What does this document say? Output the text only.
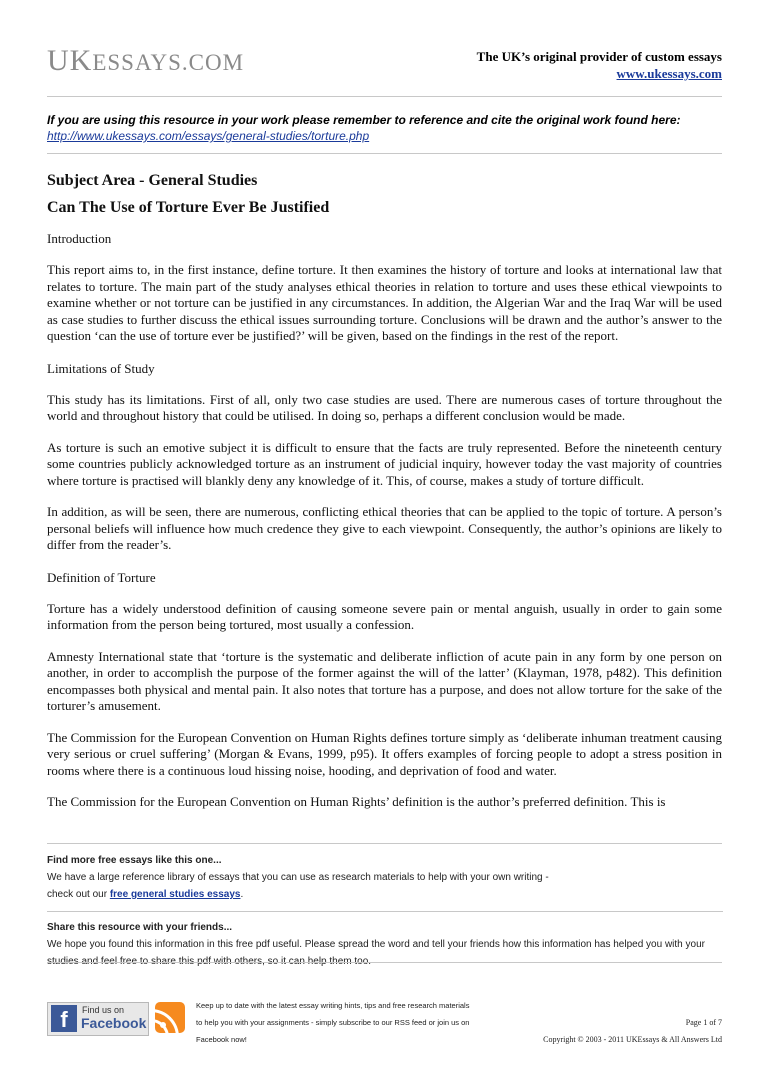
UKESSAYS.COM	The UK’s original provider of custom essays
www.ukessays.com
If you are using this resource in your work please remember to reference and cite the original work found here:
http://www.ukessays.com/essays/general-studies/torture.php
Subject Area - General Studies
Can The Use of Torture Ever Be Justified
Introduction
This report aims to, in the first instance, define torture. It then examines the history of torture and looks at international law that relates to torture. The main part of the study analyses ethical theories in relation to torture and uses these ethical viewpoints to examine whether or not torture can be justified in any circumstances. In addition, the Algerian War and the Iraq War will be used as case studies to further discuss the ethical issues surrounding torture. Conclusions will be drawn and the author’s answer to the question ‘can the use of torture ever be justified?’ will be given, based on the findings in the rest of the report.
Limitations of Study
This study has its limitations. First of all, only two case studies are used. There are numerous cases of torture throughout the world and throughout history that could be utilised. In doing so, perhaps a different conclusion would be made.
As torture is such an emotive subject it is difficult to ensure that the facts are truly represented. Before the nineteenth century some countries publicly acknowledged torture as an instrument of judicial inquiry, however today the vast majority of countries where torture is practised will blankly deny any knowledge of it. This, of course, makes a study of torture difficult.
In addition, as will be seen, there are numerous, conflicting ethical theories that can be applied to the topic of torture. A person’s personal beliefs will influence how much credence they give to each viewpoint. Consequently, the author’s opinions are likely to differ from the reader’s.
Definition of Torture
Torture has a widely understood definition of causing someone severe pain or mental anguish, usually in order to gain some information from the person being tortured, most usually a confession.
Amnesty International state that ‘torture is the systematic and deliberate infliction of acute pain in any form by one person on another, in order to accomplish the purpose of the former against the will of the latter’ (Klayman, 1978, p482). This definition encompasses both physical and mental pain. It also notes that torture has a purpose, and does not allow torture for the sake of the torturer’s amusement.
The Commission for the European Convention on Human Rights defines torture simply as ‘deliberate inhuman treatment causing very serious or cruel suffering’ (Morgan & Evans, 1999, p95). It offers examples of forcing people to adopt a stress position in rooms where there is a continuous loud hissing noise, hooding, and deprivation of food and water.
The Commission for the European Convention on Human Rights’ definition is the author’s preferred definition. This is
Find more free essays like this one...
We have a large reference library of essays that you can use as research materials to help with your own writing -
check out our free general studies essays.
Share this resource with your friends...
We hope you found this information in this free pdf useful. Please spread the word and tell your friends how this information has helped you with your
f	Find us on
Facebook
Keep up to date with the latest essay writing hints, tips and free research materials
to help you with your assignments - simply subscribe to our RSS feed or join us on
Facebook now!
Page 1 of 7
Copyright © 2003 - 2011 UKEssays & All Answers Ltd
